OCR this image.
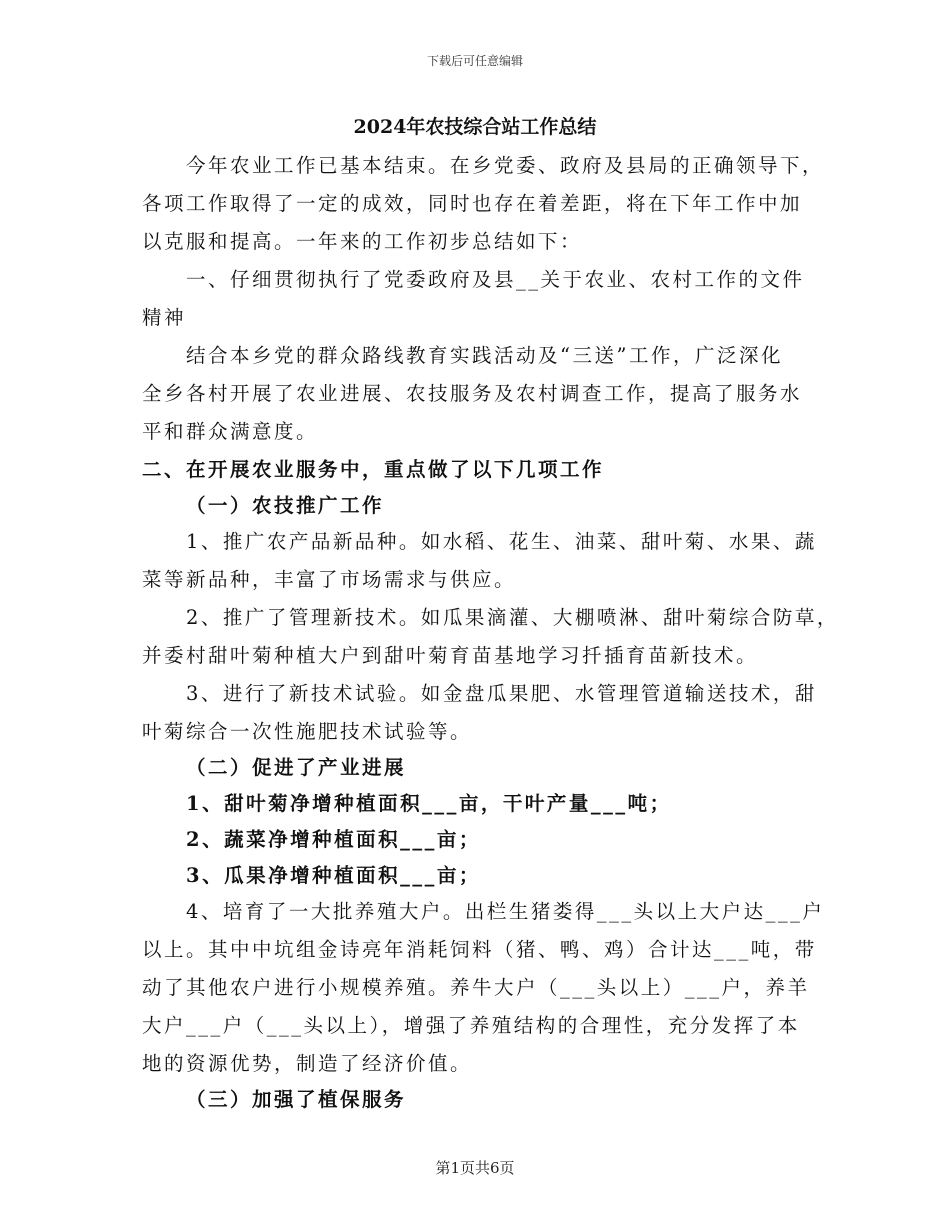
下载后可任意编辑
2024年农技综合站工作总结
今年农业工作已基本结束。在乡党委、政府及县局的正确领导下，
各项工作取得了一定的成效，同时也存在着差距，将在下年工作中加
以克服和提高。一年来的工作初步总结如下：
一、仔细贯彻执行了党委政府及县__关于农业、农村工作的文件
精神
结合本乡党的群众路线教育实践活动及“三送”工作，广泛深化
全乡各村开展了农业进展、农技服务及农村调查工作，提高了服务水
平和群众满意度。
二、在开展农业服务中，重点做了以下几项工作
（一）农技推广工作
1、推广农产品新品种。如水稻、花生、油菜、甜叶菊、水果、蔬
菜等新品种，丰富了市场需求与供应。
2、推广了管理新技术。如瓜果滴灌、大棚喷淋、甜叶菊综合防草，
并委村甜叶菊种植大户到甜叶菊育苗基地学习扦插育苗新技术。
3、进行了新技术试验。如金盘瓜果肥、水管理管道输送技术，甜
叶菊综合一次性施肥技术试验等。
（二）促进了产业进展
1、甜叶菊净增种植面积___亩，干叶产量___吨；
2、蔬菜净增种植面积___亩；
3、瓜果净增种植面积___亩；
4、培育了一大批养殖大户。出栏生猪娄得___头以上大户达___户
以上。其中中坑组金诗亮年消耗饲料（猪、鸭、鸡）合计达___吨，带
动了其他农户进行小规模养殖。养牛大户（___头以上）___户，养羊
大户___户（___头以上），增强了养殖结构的合理性，充分发挥了本
地的资源优势，制造了经济价值。
（三）加强了植保服务
第1页共6页
